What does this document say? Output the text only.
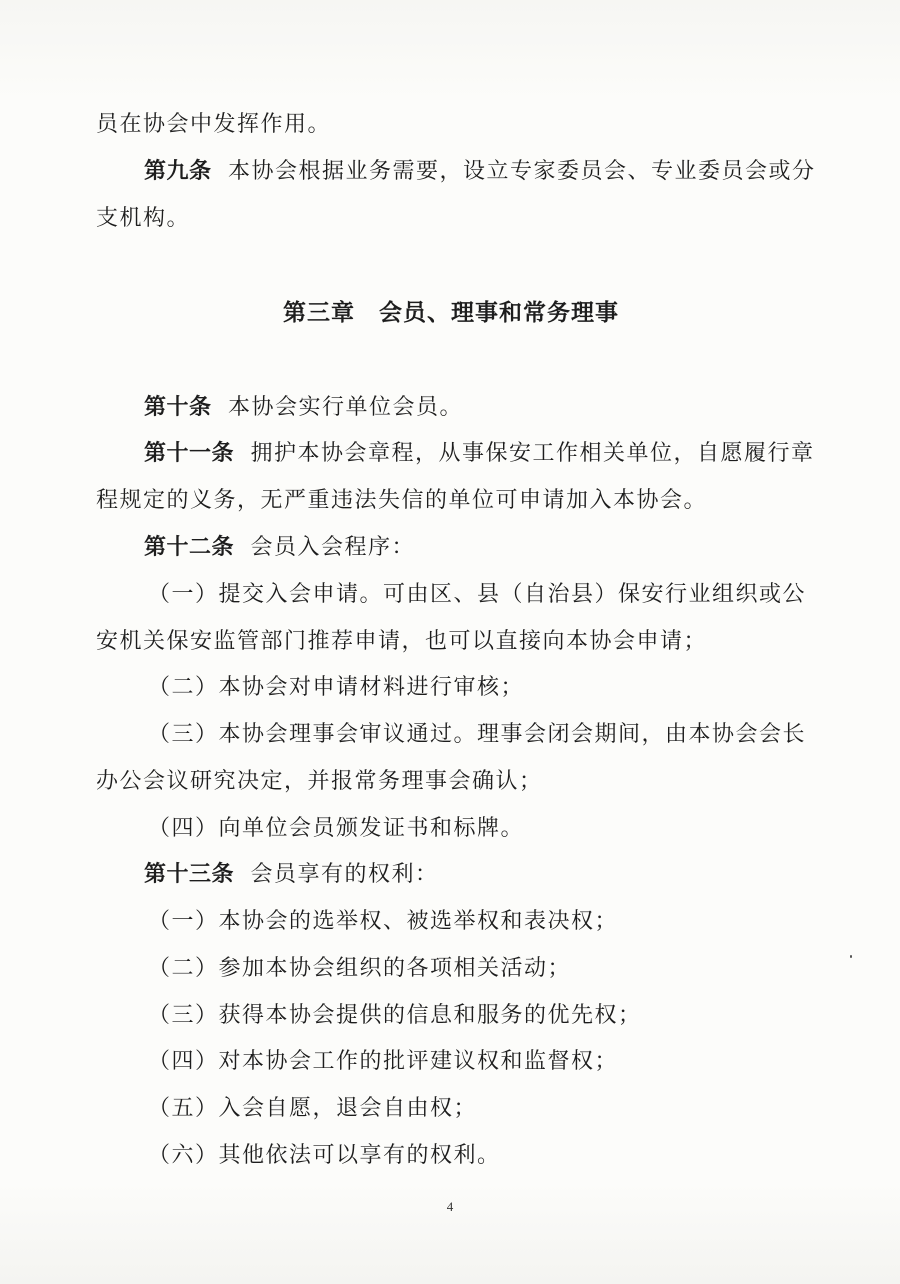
员在协会中发挥作用。
第九条 本协会根据业务需要，设立专家委员会、专业委员会或分
支机构。
第三章　会员、理事和常务理事
第十条 本协会实行单位会员。
第十一条 拥护本协会章程，从事保安工作相关单位，自愿履行章
程规定的义务，无严重违法失信的单位可申请加入本协会。
第十二条 会员入会程序：
（一）提交入会申请。可由区、县（自治县）保安行业组织或公
安机关保安监管部门推荐申请，也可以直接向本协会申请；
（二）本协会对申请材料进行审核；
（三）本协会理事会审议通过。理事会闭会期间，由本协会会长
办公会议研究决定，并报常务理事会确认；
（四）向单位会员颁发证书和标牌。
第十三条 会员享有的权利：
（一）本协会的选举权、被选举权和表决权；
（二）参加本协会组织的各项相关活动；
（三）获得本协会提供的信息和服务的优先权；
（四）对本协会工作的批评建议权和监督权；
（五）入会自愿，退会自由权；
（六）其他依法可以享有的权利。
4
